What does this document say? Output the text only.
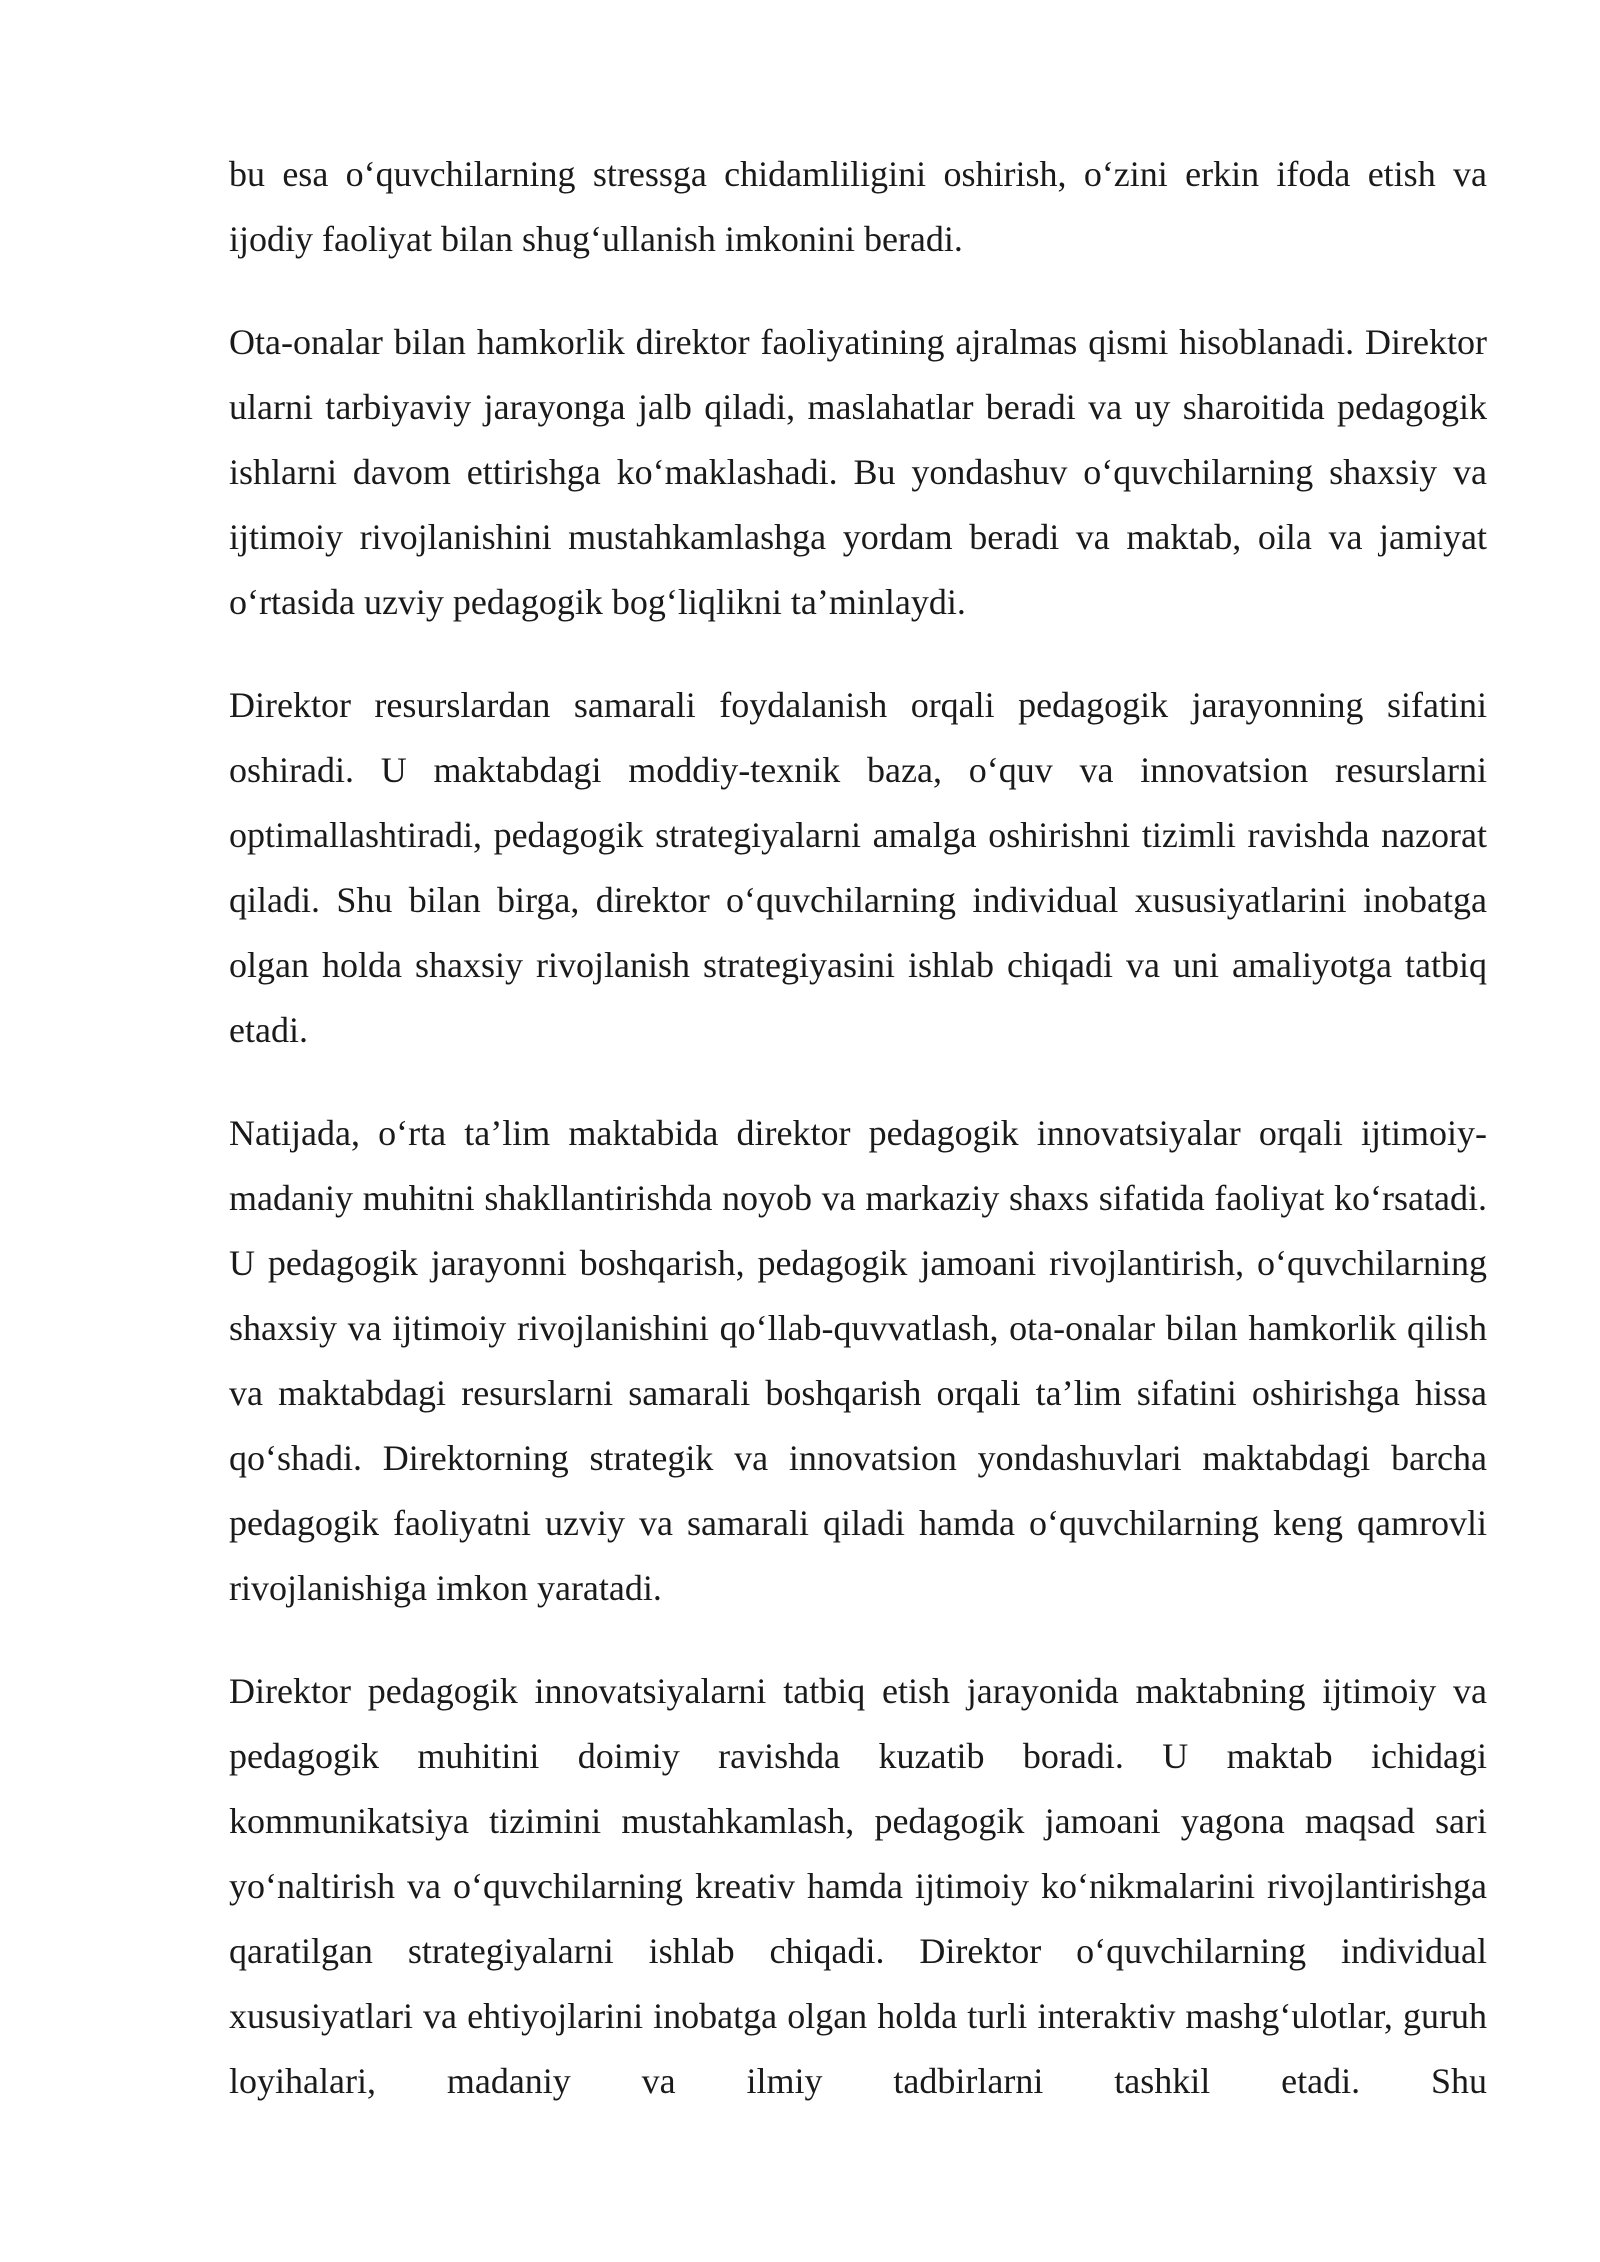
bu esa o‘quvchilarning stressga chidamliligini oshirish, o‘zini erkin ifoda etish va ijodiy faoliyat bilan shug‘ullanish imkonini beradi.

Ota-onalar bilan hamkorlik direktor faoliyatining ajralmas qismi hisoblanadi. Direktor ularni tarbiyaviy jarayonga jalb qiladi, maslahatlar beradi va uy sharoitida pedagogik ishlarni davom ettirishga ko‘maklashadi. Bu yondashuv o‘quvchilarning shaxsiy va ijtimoiy rivojlanishini mustahkamlashga yordam beradi va maktab, oila va jamiyat o‘rtasida uzviy pedagogik bog‘liqlikni ta’minlaydi.

Direktor resurslardan samarali foydalanish orqali pedagogik jarayonning sifatini oshiradi. U maktabdagi moddiy-texnik baza, o‘quv va innovatsion resurslarni optimallashtiradi, pedagogik strategiyalarni amalga oshirishni tizimli ravishda nazorat qiladi. Shu bilan birga, direktor o‘quvchilarning individual xususiyatlarini inobatga olgan holda shaxsiy rivojlanish strategiyasini ishlab chiqadi va uni amaliyotga tatbiq etadi.

Natijada, o‘rta ta’lim maktabida direktor pedagogik innovatsiyalar orqali ijtimoiy-madaniy muhitni shakllantirishda noyob va markaziy shaxs sifatida faoliyat ko‘rsatadi. U pedagogik jarayonni boshqarish, pedagogik jamoani rivojlantirish, o‘quvchilarning shaxsiy va ijtimoiy rivojlanishini qo‘llab-quvvatlash, ota-onalar bilan hamkorlik qilish va maktabdagi resurslarni samarali boshqarish orqali ta’lim sifatini oshirishga hissa qo‘shadi. Direktorning strategik va innovatsion yondashuvlari maktabdagi barcha pedagogik faoliyatni uzviy va samarali qiladi hamda o‘quvchilarning keng qamrovli rivojlanishiga imkon yaratadi.

Direktor pedagogik innovatsiyalarni tatbiq etish jarayonida maktabning ijtimoiy va pedagogik muhitini doimiy ravishda kuzatib boradi. U maktab ichidagi kommunikatsiya tizimini mustahkamlash, pedagogik jamoani yagona maqsad sari yo‘naltirish va o‘quvchilarning kreativ hamda ijtimoiy ko‘nikmalarini rivojlantirishga qaratilgan strategiyalarni ishlab chiqadi. Direktor o‘quvchilarning individual xususiyatlari va ehtiyojlarini inobatga olgan holda turli interaktiv mashg‘ulotlar, guruh loyihalari, madaniy va ilmiy tadbirlarni tashkil etadi. Shu
